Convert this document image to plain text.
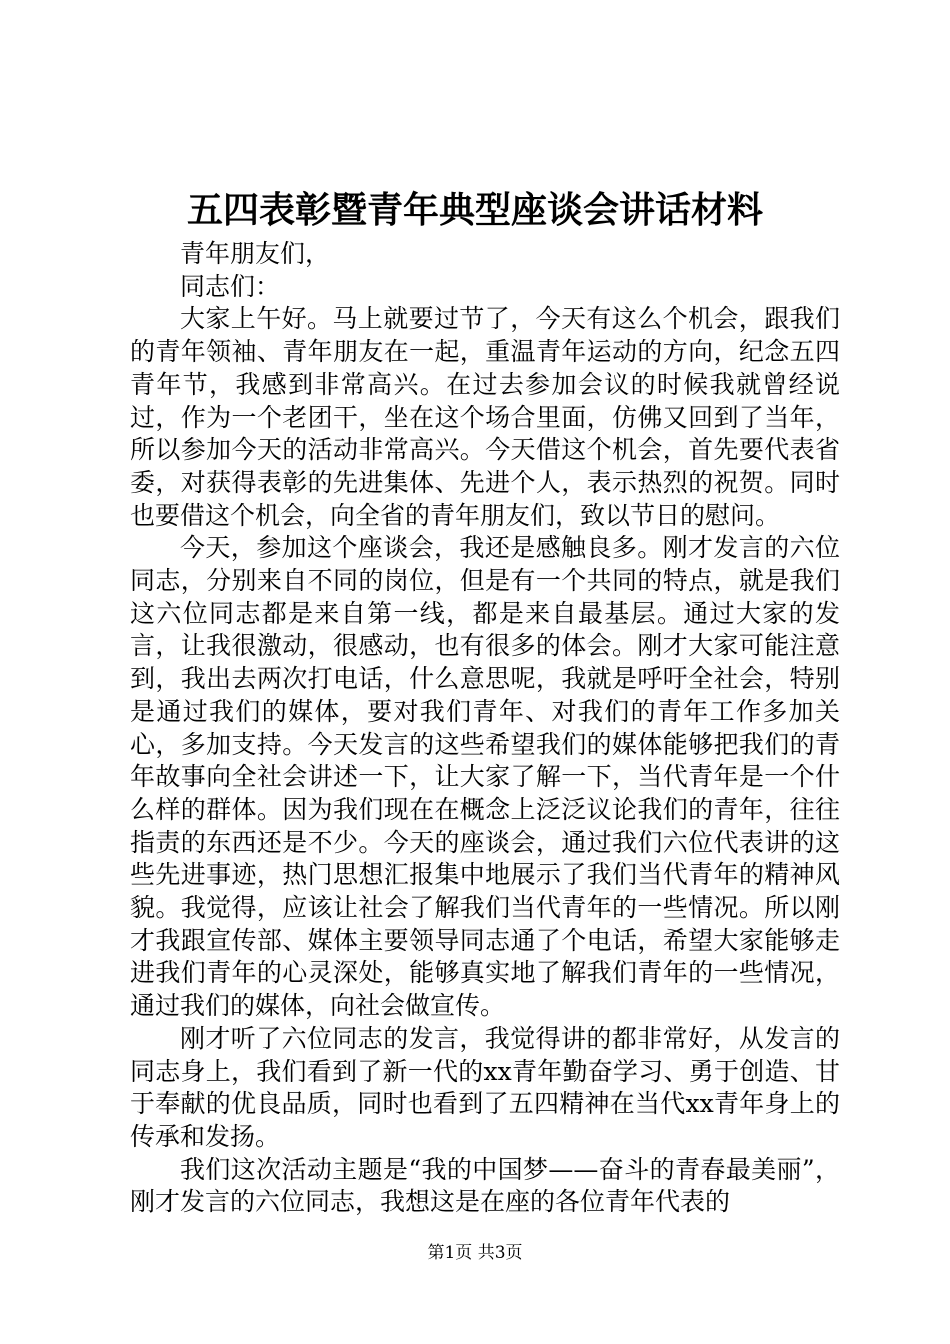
五四表彰暨青年典型座谈会讲话材料

青年朋友们，

同志们：

大家上午好。马上就要过节了，今天有这么个机会，跟我们的青年领袖、青年朋友在一起，重温青年运动的方向，纪念五四青年节，我感到非常高兴。在过去参加会议的时候我就曾经说过，作为一个老团干，坐在这个场合里面，仿佛又回到了当年，所以参加今天的活动非常高兴。今天借这个机会，首先要代表省委，对获得表彰的先进集体、先进个人，表示热烈的祝贺。同时也要借这个机会，向全省的青年朋友们，致以节日的慰问。

今天，参加这个座谈会，我还是感触良多。刚才发言的六位同志，分别来自不同的岗位，但是有一个共同的特点，就是我们这六位同志都是来自第一线，都是来自最基层。通过大家的发言，让我很激动，很感动，也有很多的体会。刚才大家可能注意到，我出去两次打电话，什么意思呢，我就是呼吁全社会，特别是通过我们的媒体，要对我们青年、对我们的青年工作多加关心，多加支持。今天发言的这些希望我们的媒体能够把我们的青年故事向全社会讲述一下，让大家了解一下，当代青年是一个什么样的群体。因为我们现在在概念上泛泛议论我们的青年，往往指责的东西还是不少。今天的座谈会，通过我们六位代表讲的这些先进事迹，热门思想汇报集中地展示了我们当代青年的精神风貌。我觉得，应该让社会了解我们当代青年的一些情况。所以刚才我跟宣传部、媒体主要领导同志通了个电话，希望大家能够走进我们青年的心灵深处，能够真实地了解我们青年的一些情况，通过我们的媒体，向社会做宣传。

刚才听了六位同志的发言，我觉得讲的都非常好，从发言的同志身上，我们看到了新一代的xx青年勤奋学习、勇于创造、甘于奉献的优良品质，同时也看到了五四精神在当代xx青年身上的传承和发扬。

我们这次活动主题是“我的中国梦——奋斗的青春最美丽”，刚才发言的六位同志，我想这是在座的各位青年代表的

第1页 共3页
